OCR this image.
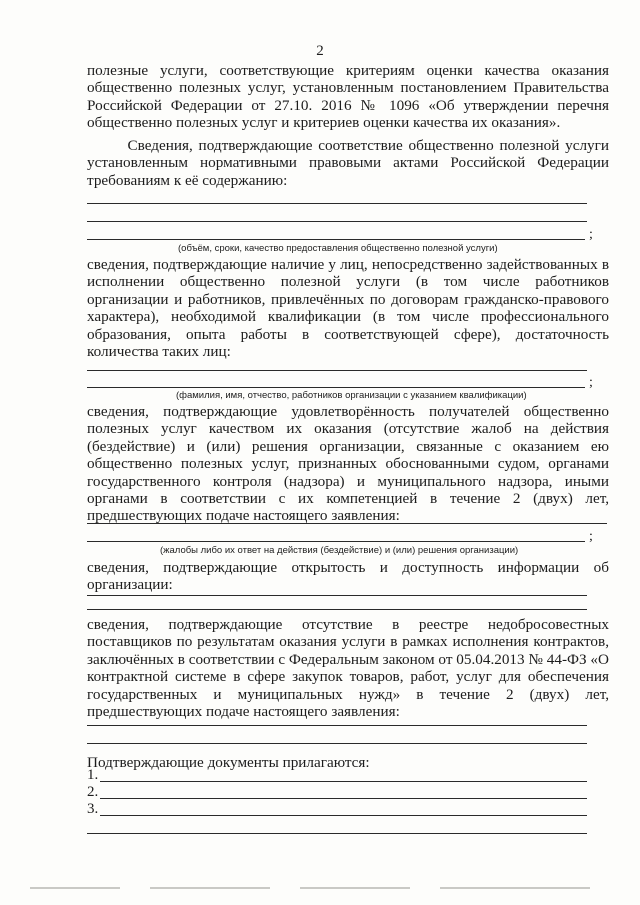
2

полезные услуги, соответствующие критериям оценки качества оказания общественно полезных услуг, установленным постановлением Правительства Российской Федерации от 27.10. 2016 № 1096 «Об утверждении перечня общественно полезных услуг и критериев оценки качества их оказания».

Сведения, подтверждающие соответствие общественно полезной услуги установленным нормативными правовыми актами Российской Федерации требованиям к её содержанию:

;
(объём, сроки, качество предоставления общественно полезной услуги)

сведения, подтверждающие наличие у лиц, непосредственно задействованных в исполнении общественно полезной услуги (в том числе работников организации и работников, привлечённых по договорам гражданско-правового характера), необходимой квалификации (в том числе профессионального образования, опыта работы в соответствующей сфере), достаточность количества таких лиц:

;
(фамилия, имя, отчество, работников организации с указанием квалификации)

сведения, подтверждающие удовлетворённость получателей общественно полезных услуг качеством их оказания (отсутствие жалоб на действия (бездействие) и (или) решения организации, связанные с оказанием ею общественно полезных услуг, признанных обоснованными судом, органами государственного контроля (надзора) и муниципального надзора, иными органами в соответствии с их компетенцией в течение 2 (двух) лет, предшествующих подаче настоящего заявления:

;
(жалобы либо их ответ на действия (бездействие) и (или) решения организации)

сведения, подтверждающие открытость и доступность информации об организации:

сведения, подтверждающие отсутствие в реестре недобросовестных поставщиков по результатам оказания услуги в рамках исполнения контрактов, заключённых в соответствии с Федеральным законом от 05.04.2013 № 44-ФЗ «О контрактной системе в сфере закупок товаров, работ, услуг для обеспечения государственных и муниципальных нужд» в течение 2 (двух) лет, предшествующих подаче настоящего заявления:

Подтверждающие документы прилагаются:

1.
2.
3.
